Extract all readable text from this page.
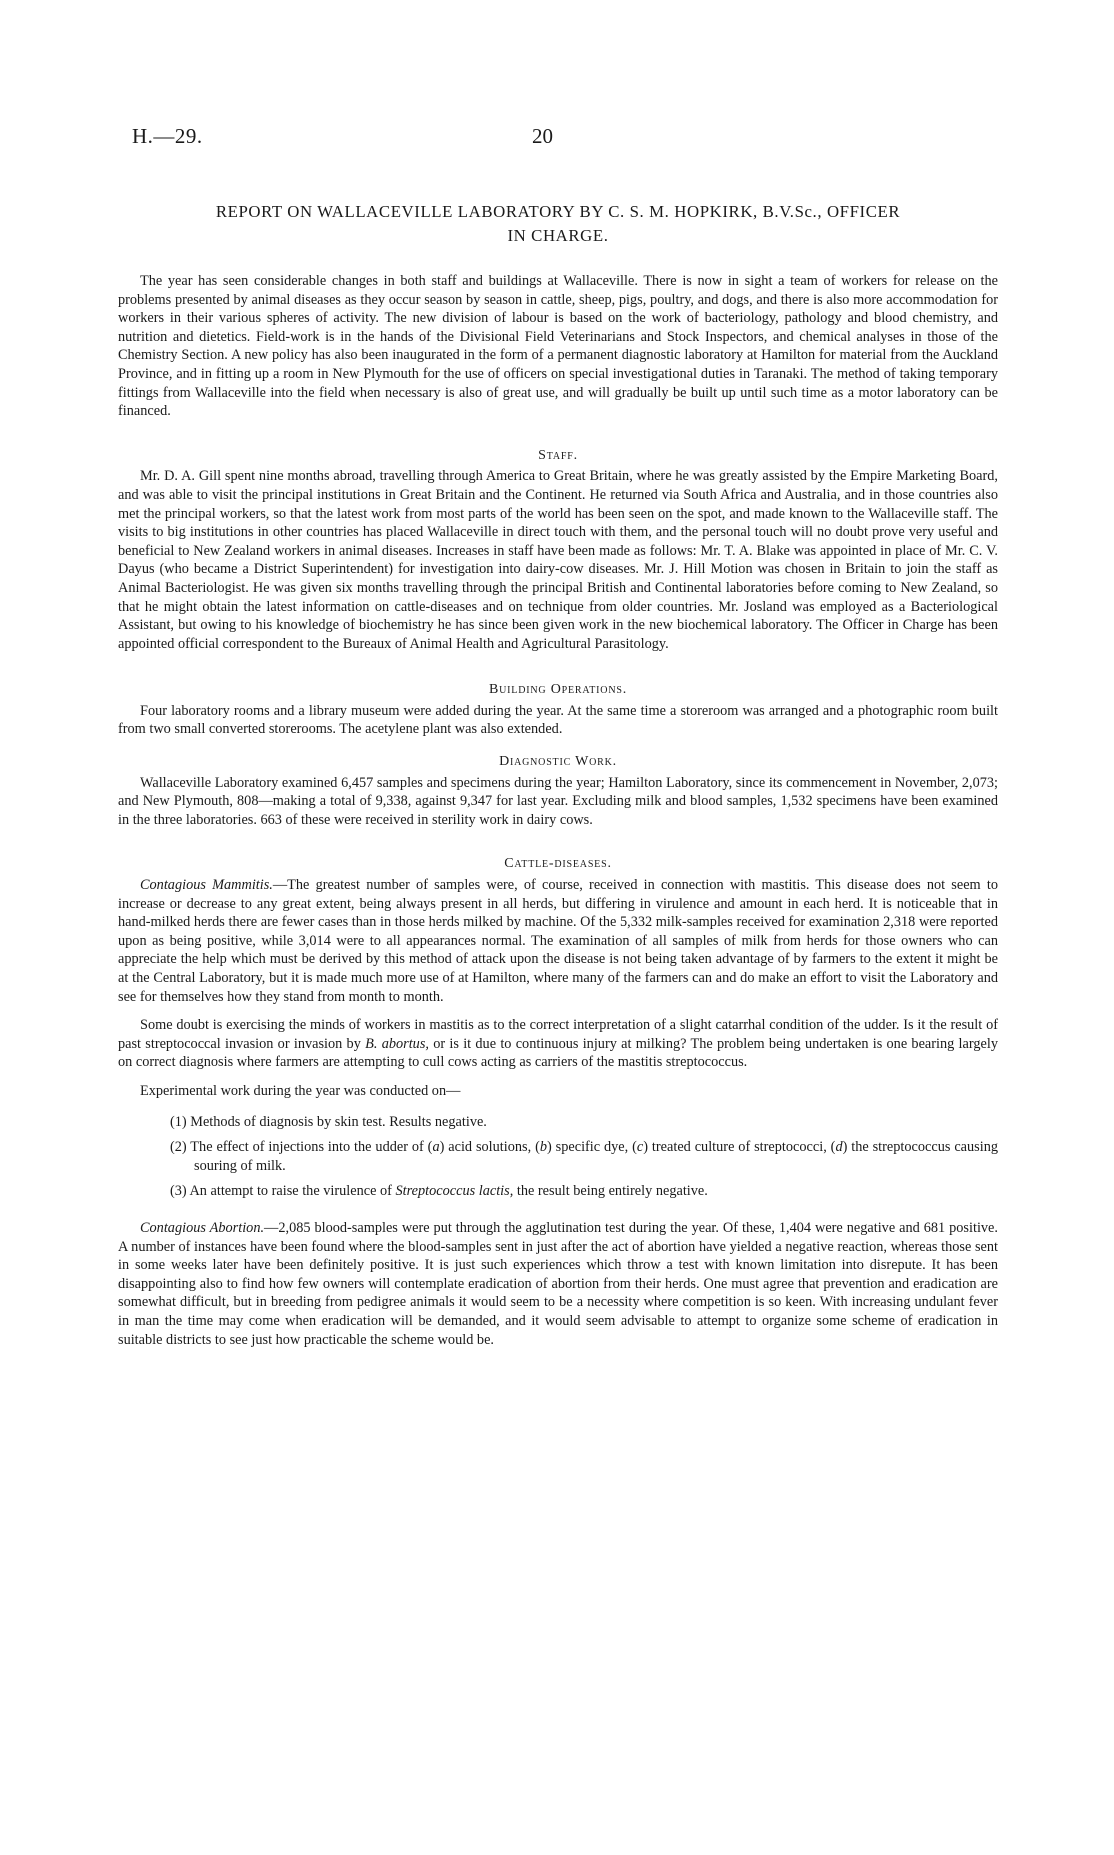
H.—29.	20
REPORT ON WALLACEVILLE LABORATORY BY C. S. M. HOPKIRK, B.V.Sc., OFFICER
IN CHARGE.

The year has seen considerable changes in both staff and buildings at Wallaceville. There is now in sight a team of workers for release on the problems presented by animal diseases as they occur season by season in cattle, sheep, pigs, poultry, and dogs, and there is also more accommodation for workers in their various spheres of activity. The new division of labour is based on the work of bacteriology, pathology and blood chemistry, and nutrition and dietetics. Field-work is in the hands of the Divisional Field Veterinarians and Stock Inspectors, and chemical analyses in those of the Chemistry Section. A new policy has also been inaugurated in the form of a permanent diagnostic laboratory at Hamilton for material from the Auckland Province, and in fitting up a room in New Plymouth for the use of officers on special investigational duties in Taranaki. The method of taking temporary fittings from Wallaceville into the field when necessary is also of great use, and will gradually be built up until such time as a motor laboratory can be financed.

Staff.

Mr. D. A. Gill spent nine months abroad, travelling through America to Great Britain, where he was greatly assisted by the Empire Marketing Board, and was able to visit the principal institutions in Great Britain and the Continent. He returned via South Africa and Australia, and in those countries also met the principal workers, so that the latest work from most parts of the world has been seen on the spot, and made known to the Wallaceville staff. The visits to big institutions in other countries has placed Wallaceville in direct touch with them, and the personal touch will no doubt prove very useful and beneficial to New Zealand workers in animal diseases. Increases in staff have been made as follows: Mr. T. A. Blake was appointed in place of Mr. C. V. Dayus (who became a District Superintendent) for investigation into dairy-cow diseases. Mr. J. Hill Motion was chosen in Britain to join the staff as Animal Bacteriologist. He was given six months travelling through the principal British and Continental laboratories before coming to New Zealand, so that he might obtain the latest information on cattle-diseases and on technique from older countries. Mr. Josland was employed as a Bacteriological Assistant, but owing to his knowledge of biochemistry he has since been given work in the new biochemical laboratory. The Officer in Charge has been appointed official correspondent to the Bureaux of Animal Health and Agricultural Parasitology.

Building Operations.

Four laboratory rooms and a library museum were added during the year. At the same time a storeroom was arranged and a photographic room built from two small converted storerooms. The acetylene plant was also extended.

Diagnostic Work.

Wallaceville Laboratory examined 6,457 samples and specimens during the year; Hamilton Laboratory, since its commencement in November, 2,073; and New Plymouth, 808—making a total of 9,338, against 9,347 for last year. Excluding milk and blood samples, 1,532 specimens have been examined in the three laboratories. 663 of these were received in sterility work in dairy cows.

Cattle-diseases.

Contagious Mammitis.—The greatest number of samples were, of course, received in connection with mastitis. This disease does not seem to increase or decrease to any great extent, being always present in all herds, but differing in virulence and amount in each herd. It is noticeable that in hand-milked herds there are fewer cases than in those herds milked by machine. Of the 5,332 milk-samples received for examination 2,318 were reported upon as being positive, while 3,014 were to all appearances normal. The examination of all samples of milk from herds for those owners who can appreciate the help which must be derived by this method of attack upon the disease is not being taken advantage of by farmers to the extent it might be at the Central Laboratory, but it is made much more use of at Hamilton, where many of the farmers can and do make an effort to visit the Laboratory and see for themselves how they stand from month to month.

Some doubt is exercising the minds of workers in mastitis as to the correct interpretation of a slight catarrhal condition of the udder. Is it the result of past streptococcal invasion or invasion by B. abortus, or is it due to continuous injury at milking? The problem being undertaken is one bearing largely on correct diagnosis where farmers are attempting to cull cows acting as carriers of the mastitis streptococcus.

Experimental work during the year was conducted on—

(1) Methods of diagnosis by skin test. Results negative.
(2) The effect of injections into the udder of (a) acid solutions, (b) specific dye, (c) treated culture of streptococci, (d) the streptococcus causing souring of milk.
(3) An attempt to raise the virulence of Streptococcus lactis, the result being entirely negative.

Contagious Abortion.—2,085 blood-samples were put through the agglutination test during the year. Of these, 1,404 were negative and 681 positive. A number of instances have been found where the blood-samples sent in just after the act of abortion have yielded a negative reaction, whereas those sent in some weeks later have been definitely positive. It is just such experiences which throw a test with known limitation into disrepute. It has been disappointing also to find how few owners will contemplate eradication of abortion from their herds. One must agree that prevention and eradication are somewhat difficult, but in breeding from pedigree animals it would seem to be a necessity where competition is so keen. With increasing undulant fever in man the time may come when eradication will be demanded, and it would seem advisable to attempt to organize some scheme of eradication in suitable districts to see just how practicable the scheme would be.
